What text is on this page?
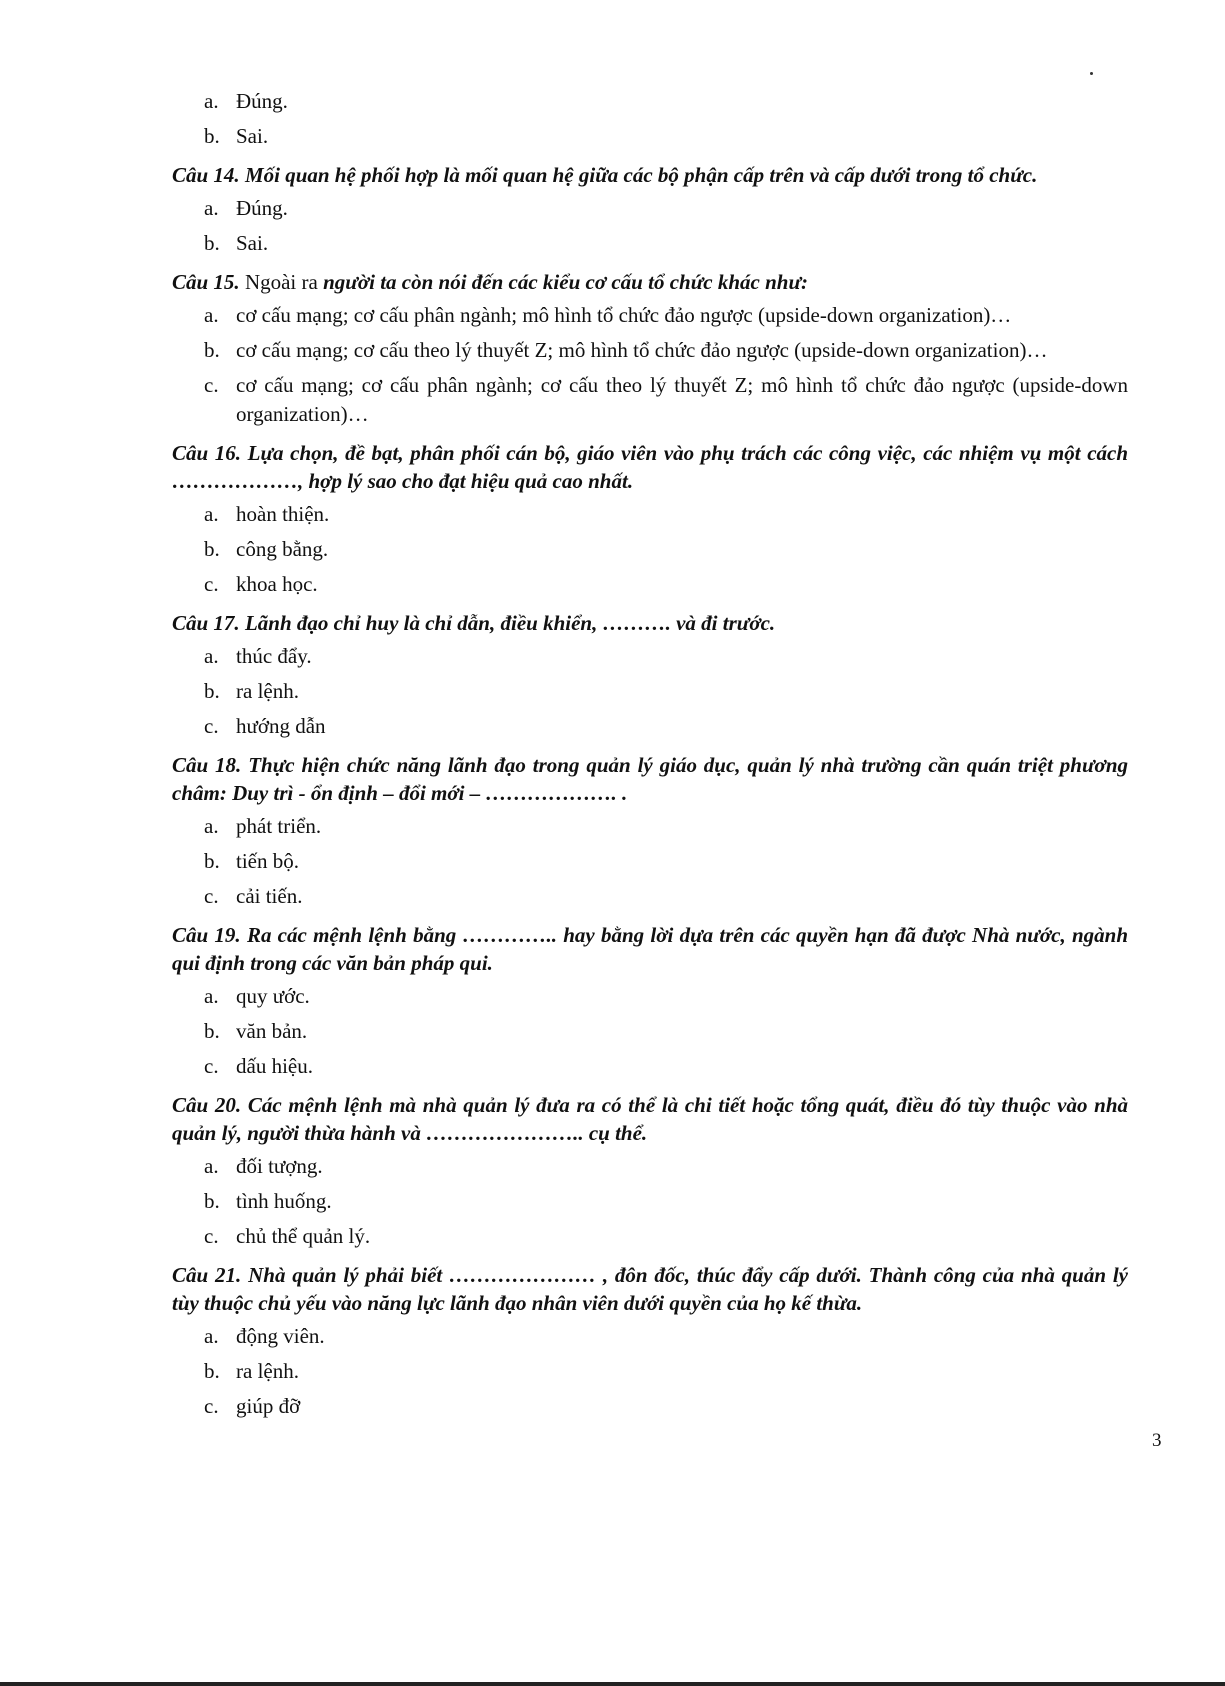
a. Đúng.
b. Sai.

Câu 14. Mối quan hệ phối hợp là mối quan hệ giữa các bộ phận cấp trên và cấp dưới trong tổ chức.

a. Đúng.
b. Sai.

Câu 15. Ngoài ra người ta còn nói đến các kiểu cơ cấu tổ chức khác như:

a. cơ cấu mạng; cơ cấu phân ngành; mô hình tổ chức đảo ngược (upside-down organization)…
b. cơ cấu mạng; cơ cấu theo lý thuyết Z; mô hình tổ chức đảo ngược (upside-down organization)…
c. cơ cấu mạng; cơ cấu phân ngành; cơ cấu theo lý thuyết Z; mô hình tổ chức đảo ngược (upside-down organization)…

Câu 16. Lựa chọn, đề bạt, phân phối cán bộ, giáo viên vào phụ trách các công việc, các nhiệm vụ một cách ………………, hợp lý sao cho đạt hiệu quả cao nhất.

a. hoàn thiện.
b. công bằng.
c. khoa học.

Câu 17. Lãnh đạo chỉ huy là chỉ dẫn, điều khiển, ………. và đi trước.

a. thúc đẩy.
b. ra lệnh.
c. hướng dẫn

Câu 18. Thực hiện chức năng lãnh đạo trong quản lý giáo dục, quản lý nhà trường cần quán triệt phương châm: Duy trì - ổn định – đổi mới – ………………. .

a. phát triển.
b. tiến bộ.
c. cải tiến.

Câu 19. Ra các mệnh lệnh bằng ………….. hay bằng lời dựa trên các quyền hạn đã được Nhà nước, ngành qui định trong các văn bản pháp qui.

a. quy ước.
b. văn bản.
c. dấu hiệu.

Câu 20. Các mệnh lệnh mà nhà quản lý đưa ra có thể là chi tiết hoặc tổng quát, điều đó tùy thuộc vào nhà quản lý, người thừa hành và ………………….. cụ thể.

a. đối tượng.
b. tình huống.
c. chủ thể quản lý.

Câu 21. Nhà quản lý phải biết ………………… , đôn đốc, thúc đẩy cấp dưới. Thành công của nhà quản lý tùy thuộc chủ yếu vào năng lực lãnh đạo nhân viên dưới quyền của họ kế thừa.

a. động viên.
b. ra lệnh.
c. giúp đỡ
3
